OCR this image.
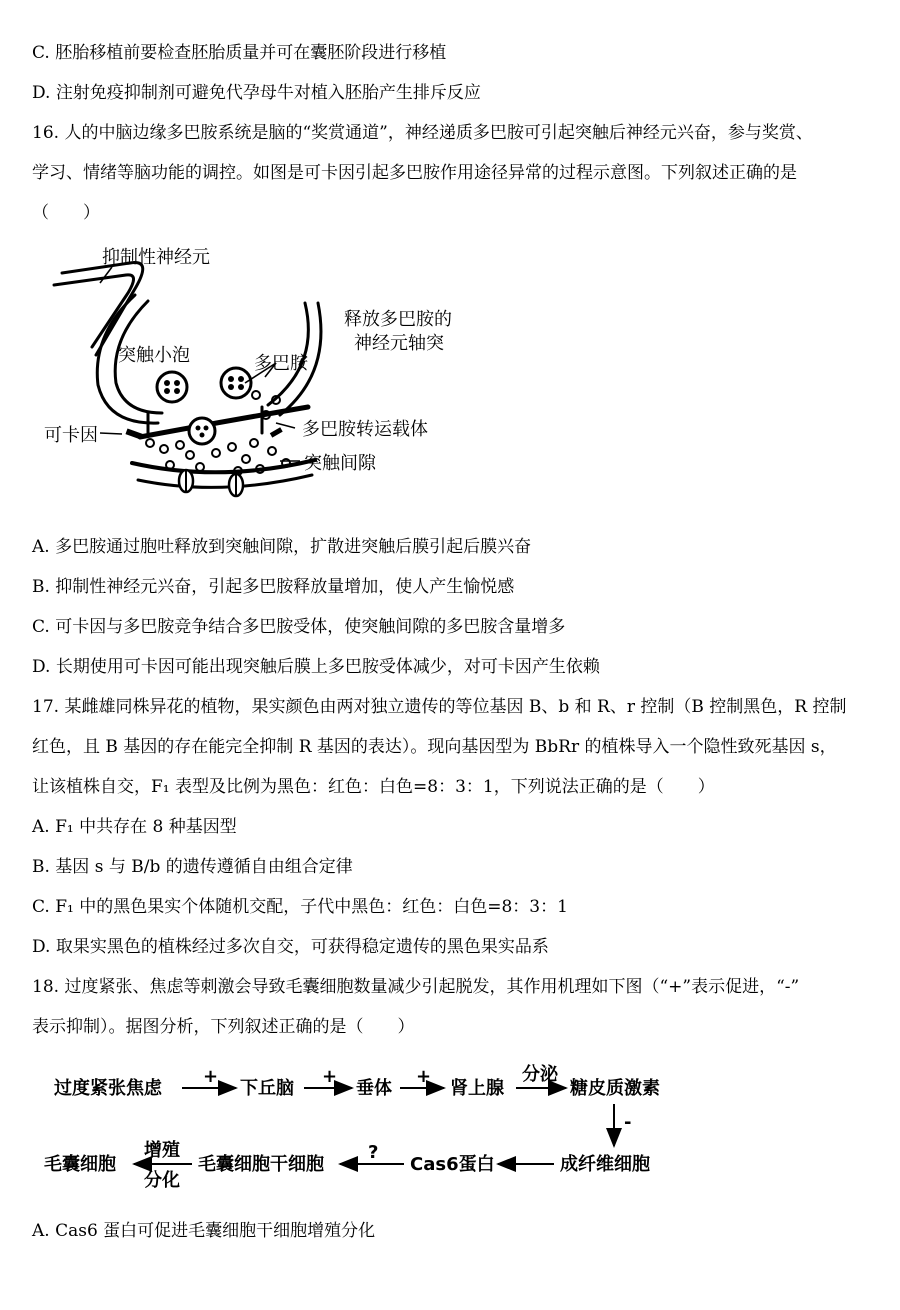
C. 胚胎移植前要检查胚胎质量并可在囊胚阶段进行移植
D. 注射免疫抑制剂可避免代孕母牛对植入胚胎产生排斥反应
16. 人的中脑边缘多巴胺系统是脑的“奖赏通道”，神经递质多巴胺可引起突触后神经元兴奋，参与奖赏、
学习、情绪等脑功能的调控。如图是可卡因引起多巴胺作用途径异常的过程示意图。下列叙述正确的是
（　　）
抑制性神经元
释放多巴胺的
神经元轴突
突触小泡	多巴胺
可卡因	多巴胺转运载体
突触间隙
A. 多巴胺通过胞吐释放到突触间隙，扩散进突触后膜引起后膜兴奋
B. 抑制性神经元兴奋，引起多巴胺释放量增加，使人产生愉悦感
C. 可卡因与多巴胺竞争结合多巴胺受体，使突触间隙的多巴胺含量增多
D. 长期使用可卡因可能出现突触后膜上多巴胺受体减少，对可卡因产生依赖
17. 某雌雄同株异花的植物，果实颜色由两对独立遗传的等位基因 B、b 和 R、r 控制（B 控制黑色，R 控制
红色，且 B 基因的存在能完全抑制 R 基因的表达）。现向基因型为 BbRr 的植株导入一个隐性致死基因 s，
让该植株自交，F₁ 表型及比例为黑色：红色：白色=8：3：1，下列说法正确的是（　　）
A. F₁ 中共存在 8 种基因型
B. 基因 s 与 B/b 的遗传遵循自由组合定律
C. F₁ 中的黑色果实个体随机交配，子代中黑色：红色：白色=8：3：1
D. 取果实黑色的植株经过多次自交，可获得稳定遗传的黑色果实品系
18. 过度紧张、焦虑等刺激会导致毛囊细胞数量减少引起脱发，其作用机理如下图（“+”表示促进，“-”
表示抑制）。据图分析，下列叙述正确的是（　　）
过度紧张焦虑
+
下丘脑
+
垂体
+
肾上腺
分泌
糖皮质激素
-
成纤维细胞
Cas6蛋白
?
毛囊细胞干细胞
增殖
分化
毛囊细胞
A. Cas6 蛋白可促进毛囊细胞干细胞增殖分化
